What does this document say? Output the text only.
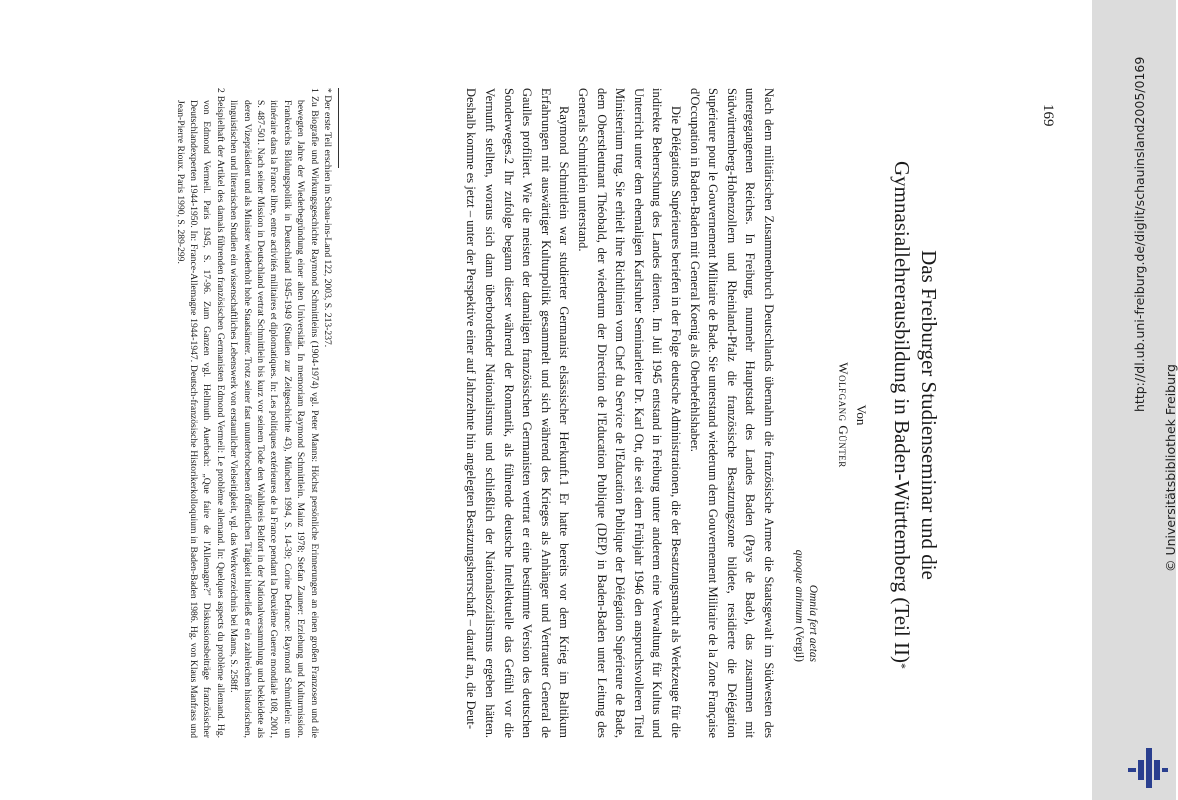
169
Das Freiburger Studienseminar und die
Gymnasiallehrerausbildung in Baden-Württemberg (Teil II)*
Von
Wolfgang Günter
Omnia fert aetas
quoque animum (Vergil)

Nach dem militärischen Zusammenbruch Deutschlands übernahm die französische Armee die Staatsgewalt im Südwesten des untergegangenen Reiches. In Freiburg, nunmehr Hauptstadt des Landes Baden (Pays de Bade), das zusammen mit Südwürttemberg-Hohenzollern und Rheinland-Pfalz die französische Besatzungszone bildete, residierte die Délégation Supérieure pour le Gouvernement Militaire de Bade. Sie unterstand wiederum dem Gouvernement Militaire de la Zone Française d'Occupation in Baden-Baden mit General Koenig als Oberbefehlshaber.

Die Délégations Supérieures beriefen in der Folge deutsche Administrationen, die der Besatzungsmacht als Werkzeuge für die indirekte Beherrschung des Landes dienten. Im Juli 1945 entstand in Freiburg unter anderem eine Verwaltung für Kultus und Unterricht unter dem ehemaligen Karlsruher Seminarleiter Dr. Karl Ott, die seit dem Frühjahr 1946 den anspruchsvolleren Titel Ministerium trug. Sie erhielt ihre Richtlinien vom Chef du Service de l'Education Publique der Délégation Supérieure de Bade, dem Oberstleutnant Théobald, der wiederum der Direction de l'Education Publique (DEP) in Baden-Baden unter Leitung des Generals Schmittlein unterstand.

Raymond Schmittlein war studierter Germanist elsässischer Herkunft.1 Er hatte bereits vor dem Krieg im Baltikum Erfahrungen mit auswärtiger Kulturpolitik gesammelt und sich während des Krieges als Anhänger und Vertrauter General de Gaulles profiliert. Wie die meisten der damaligen französischen Germanisten vertrat er eine bestimmte Version des deutschen Sonderweges.2 Ihr zufolge begann dieser während der Romantik, als führende deutsche Intellektuelle das Gefühl vor die Vernunft stellten, woraus sich dann überbordender Nationalismus und schließlich der Nationalsozialismus ergeben hätten. Deshalb komme es jetzt – unter der Perspektive einer auf Jahrzehnte hin angelegten Besatzungsherrschaft – darauf an, die Deut-

* Der erste Teil erschien im Schau-ins-Land 122, 2003, S. 213-237.

1 Zu Biografie und Wirkungsgeschichte Raymond Schmittleins (1904-1974) vgl. Peter Manns: Höchst persönliche Erinnerungen an einen großen Franzosen und die bewegten Jahre der Wiederbegründung einer alten Universität. In memoriam Raymond Schmittlein. Mainz 1978; Stefan Zauner: Erziehung und Kulturmission. Frankreichs Bildungspolitik in Deutschland 1945-1949 (Studien zur Zeitgeschichte 43), München 1994, S. 14-39; Corine Defrance: Raymond Schmittlein: un itinéraire dans la France libre, entre activités militaires et diplomatiques. In: Les politiques extérieures de la France pendant la Deuxième Guerre mondiale 108, 2001, S. 487-501. Nach seiner Mission in Deutschland vertrat Schmittlein bis kurz vor seinem Tode den Wahlkreis Belfort in der Nationalversammlung und bekleidete als deren Vizepräsident und als Minister wiederholt hohe Staatsämter. Trotz seiner fast ununterbrochenen öffentlichen Tätigkeit hinterließ er ein zahlreichen historischen, linguistischen und literarischen Studien ein wissenschaftliches Lebenswerk von erstaunlicher Vielseitigkeit, vgl. das Werkverzeichnis bei Manns, S. 258ff.

2 Beispielhaft der Artikel des damals führenden französischen Germanisten Edmond Vermeil: Le problème allemand. In: Quelques aspects du problème allemand. Hg. von Edmond Vermeil. Paris 1945, S. 17-96. Zum Ganzen vgl. Hellmuth Auerbach: „Que faire de l'Allemagne?" Diskussionsbeiträge französischer Deutschlandexperten 1944-1950. In: France-Allemagne 1944-1947. Deutsch-französische Historikerkolloquium in Baden-Baden 1986. Hg. von Klaus Manfrass und Jean-Pierre Rioux. Paris 1990, S. 289-299.	http://dl.ub.uni-freiburg.de/diglit/schauinsland2005/0169
© Universitätsbibliothek Freiburg
